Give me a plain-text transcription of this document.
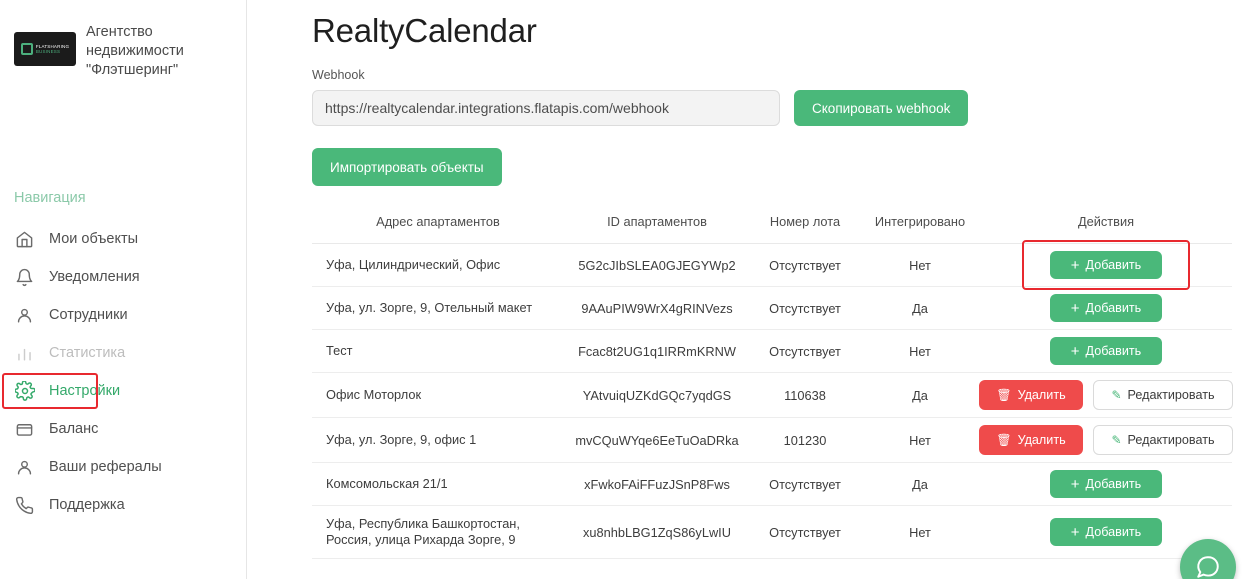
FLATSHARING
BUSINESS
Агентство недвижимости "Флэтшеринг"
Навигация
Мои объекты
Уведомления
Сотрудники
Статистика
Настройки
Баланс
Ваши рефералы
Поддержка
RealtyCalendar
Webhook
https://realtycalendar.integrations.flatapis.com/webhook
Скопировать webhook
Импортировать объекты
Адрес апартаментов	ID апартаментов	Номер лота	Интегрировано	Действия
Уфа, Цилиндрический, Офис	5G2cJIbSLEA0GJEGYWp2	Отсутствует	Нет	+ Добавить

Уфа, ул. Зорге, 9, Отельный макет	9AAuPIW9WrX4gRINVezs	Отсутствует	Да	+ Добавить

Тест	Fcac8t2UG1q1IRRmKRNW	Отсутствует	Нет	+ Добавить

Офис Моторлок	YAtvuiqUZKdGQc7yqdGS	110638	Да	🗑 Удалить ✎ Редактировать

Уфа, ул. Зорге, 9, офис 1	mvCQuWYqe6EeTuOaDRka	101230	Нет	🗑 Удалить ✎ Редактировать

Комсомольская 21/1	xFwkoFAiFFuzJSnP8Fws	Отсутствует	Да	+ Добавить

Уфа, Республика Башкортостан, Россия, улица Рихарда Зорге, 9	xu8nhbLBG1ZqS86yLwIU	Отсутствует	Нет	+ Добавить
